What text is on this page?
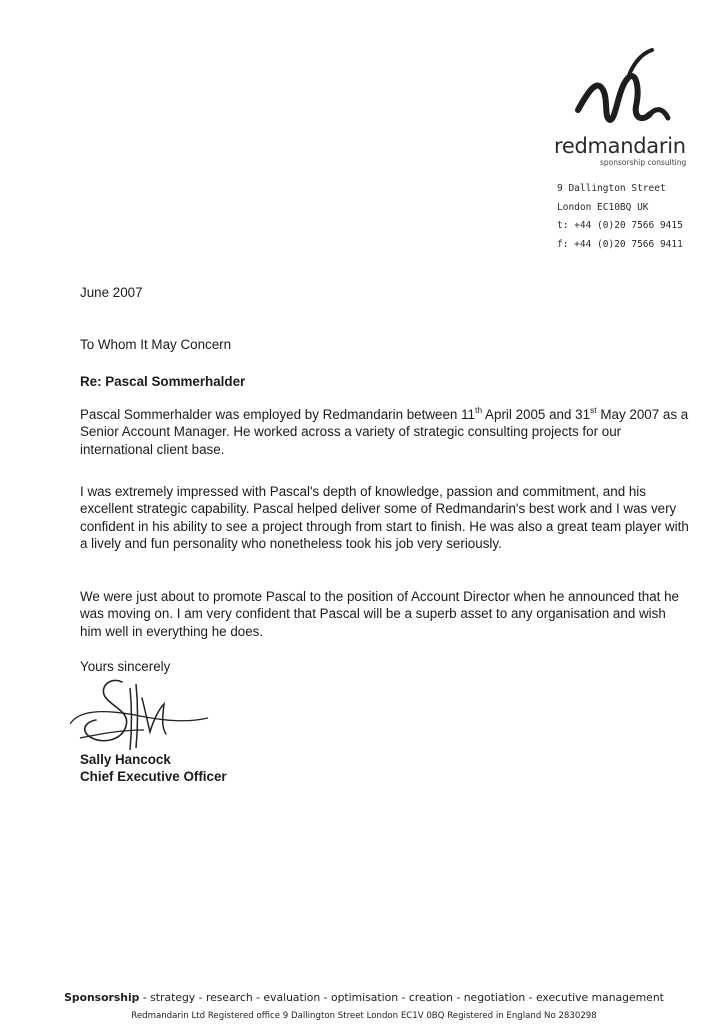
redmandarin
sponsorship consulting
9 Dallington Street
London EC10BQ UK
t: +44 (0)20 7566 9415
f: +44 (0)20 7566 9411
June 2007
To Whom It May Concern
Re: Pascal Sommerhalder
Pascal Sommerhalder was employed by Redmandarin between 11th April 2005 and 31st May 2007 as a Senior Account Manager. He worked across a variety of strategic consulting projects for our international client base.
I was extremely impressed with Pascal's depth of knowledge, passion and commitment, and his excellent strategic capability. Pascal helped deliver some of Redmandarin's best work and I was very confident in his ability to see a project through from start to finish. He was also a great team player with a lively and fun personality who nonetheless took his job very seriously.
We were just about to promote Pascal to the position of Account Director when he announced that he was moving on. I am very confident that Pascal will be a superb asset to any organisation and wish him well in everything he does.
Yours sincerely
Sally Hancock
Chief Executive Officer
Sponsorship - strategy - research - evaluation - optimisation - creation - negotiation - executive management
Redmandarin Ltd Registered office 9 Dallington Street London EC1V 0BQ Registered in England No 2830298
